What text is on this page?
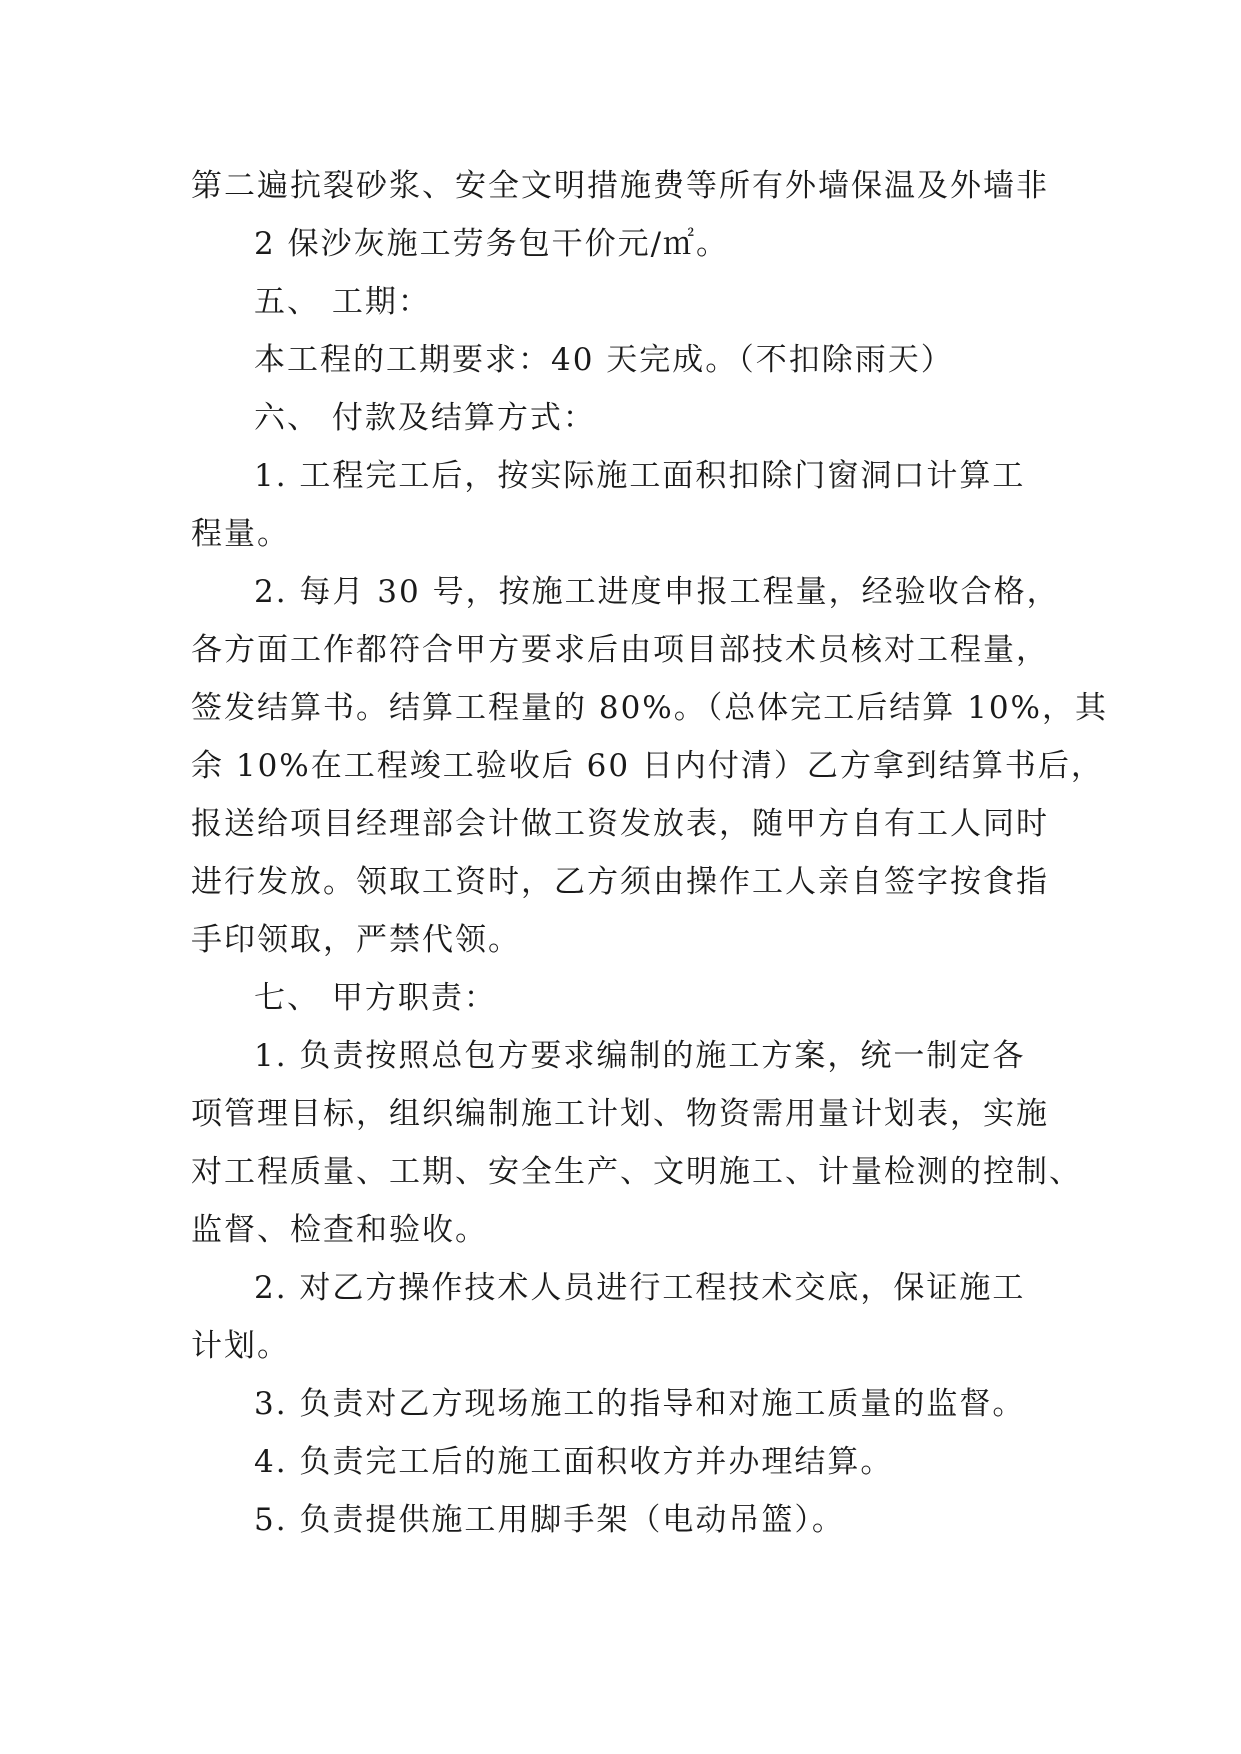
第二遍抗裂砂浆、安全文明措施费等所有外墙保温及外墙非
2 保沙灰施工劳务包干价元/㎡。
五、 工期：
本工程的工期要求：40 天完成。（不扣除雨天）
六、 付款及结算方式：
1. 工程完工后，按实际施工面积扣除门窗洞口计算工
程量。
2. 每月 30 号，按施工进度申报工程量，经验收合格，
各方面工作都符合甲方要求后由项目部技术员核对工程量，
签发结算书。结算工程量的 80%。（总体完工后结算 10%，其
余 10%在工程竣工验收后 60 日内付清）乙方拿到结算书后，
报送给项目经理部会计做工资发放表，随甲方自有工人同时
进行发放。领取工资时，乙方须由操作工人亲自签字按食指
手印领取，严禁代领。
七、 甲方职责：
1. 负责按照总包方要求编制的施工方案，统一制定各
项管理目标，组织编制施工计划、物资需用量计划表，实施
对工程质量、工期、安全生产、文明施工、计量检测的控制、
监督、检查和验收。
2. 对乙方操作技术人员进行工程技术交底，保证施工
计划。
3. 负责对乙方现场施工的指导和对施工质量的监督。
4. 负责完工后的施工面积收方并办理结算。
5. 负责提供施工用脚手架（电动吊篮）。
